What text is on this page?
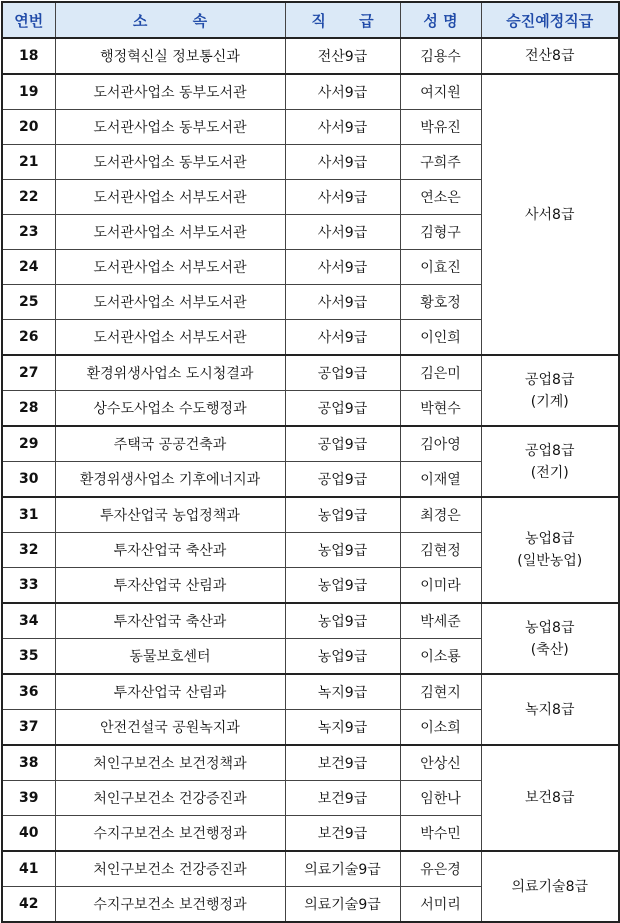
연번	소 속	직 급	성 명	승진예정직급
18	행정혁신실 정보통신과	전산9급	김용수	전산8급
19	도서관사업소 동부도서관	사서9급	여지원	사서8급
20	도서관사업소 동부도서관	사서9급	박유진	
21	도서관사업소 동부도서관	사서9급	구희주	
22	도서관사업소 서부도서관	사서9급	연소은	
23	도서관사업소 서부도서관	사서9급	김형구	
24	도서관사업소 서부도서관	사서9급	이효진	
25	도서관사업소 서부도서관	사서9급	황호정	
26	도서관사업소 서부도서관	사서9급	이인희	
27	환경위생사업소 도시청결과	공업9급	김은미	공업8급
(기계)
28	상수도사업소 수도행정과	공업9급	박현수	
29	주택국 공공건축과	공업9급	김아영	공업8급
(전기)
30	환경위생사업소 기후에너지과	공업9급	이재열	
31	투자산업국 농업정책과	농업9급	최경은	농업8급
(일반농업)
32	투자산업국 축산과	농업9급	김현정	
33	투자산업국 산림과	농업9급	이미라	
34	투자산업국 축산과	농업9급	박세준	농업8급
(축산)
35	동물보호센터	농업9급	이소룡	
36	투자산업국 산림과	녹지9급	김현지	녹지8급
37	안전건설국 공원녹지과	녹지9급	이소희	
38	처인구보건소 보건정책과	보건9급	안상신	보건8급
39	처인구보건소 건강증진과	보건9급	임한나	
40	수지구보건소 보건행정과	보건9급	박수민	
41	처인구보건소 건강증진과	의료기술9급	유은경	의료기술8급
42	수지구보건소 보건행정과	의료기술9급	서미리	
